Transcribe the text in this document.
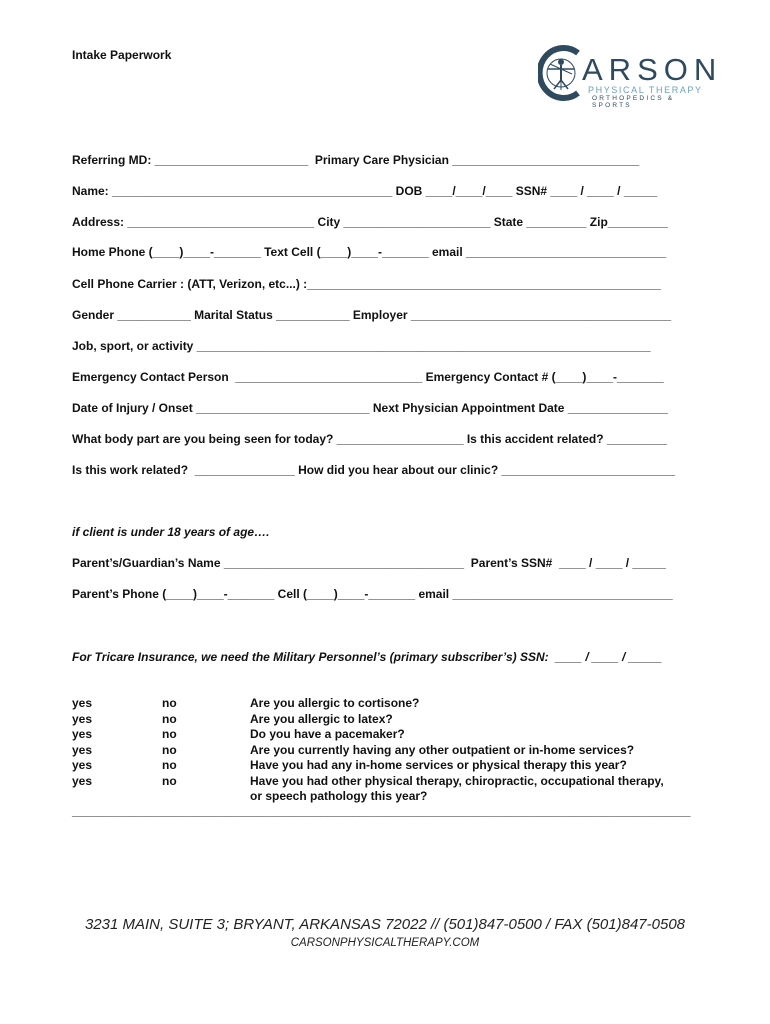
Intake Paperwork	ARSON
PHYSICAL THERAPY
ORTHOPEDICS & SPORTS
Referring MD: _______________________  Primary Care Physician ____________________________
Name: __________________________________________ DOB ____/____/____ SSN# ____ / ____ / _____
Address: ____________________________ City ______________________ State _________ Zip_________
Home Phone (____)____-_______ Text Cell (____)____-_______ email ______________________________
Cell Phone Carrier : (ATT, Verizon, etc...) :_____________________________________________________
Gender ___________ Marital Status ___________ Employer _______________________________________
Job, sport, or activity ____________________________________________________________________
Emergency Contact Person  ____________________________ Emergency Contact # (____)____-_______
Date of Injury / Onset __________________________ Next Physician Appointment Date _______________
What body part are you being seen for today? ___________________ Is this accident related? _________
Is this work related?  _______________ How did you hear about our clinic? __________________________
if client is under 18 years of age….
Parent’s/Guardian’s Name ____________________________________  Parent’s SSN#  ____ / ____ / _____
Parent’s Phone (____)____-_______ Cell (____)____-_______ email _________________________________
For Tricare Insurance, we need the Military Personnel’s (primary subscriber’s) SSN:  ____ / ____ / _____
yes
yes
yes
yes
yes
yes
no
no
no
no
no
no
Are you allergic to cortisone?
Are you allergic to latex?
Do you have a pacemaker?
Are you currently having any other outpatient or in-home services?
Have you had any in-home services or physical therapy this year?
Have you had other physical therapy, chiropractic, occupational therapy,
or speech pathology this year?
_________________________________________________________________________________________________
3231 MAIN, SUITE 3; BRYANT, ARKANSAS 72022 // (501)847-0500 / FAX (501)847-0508
CARSONPHYSICALTHERAPY.COM
